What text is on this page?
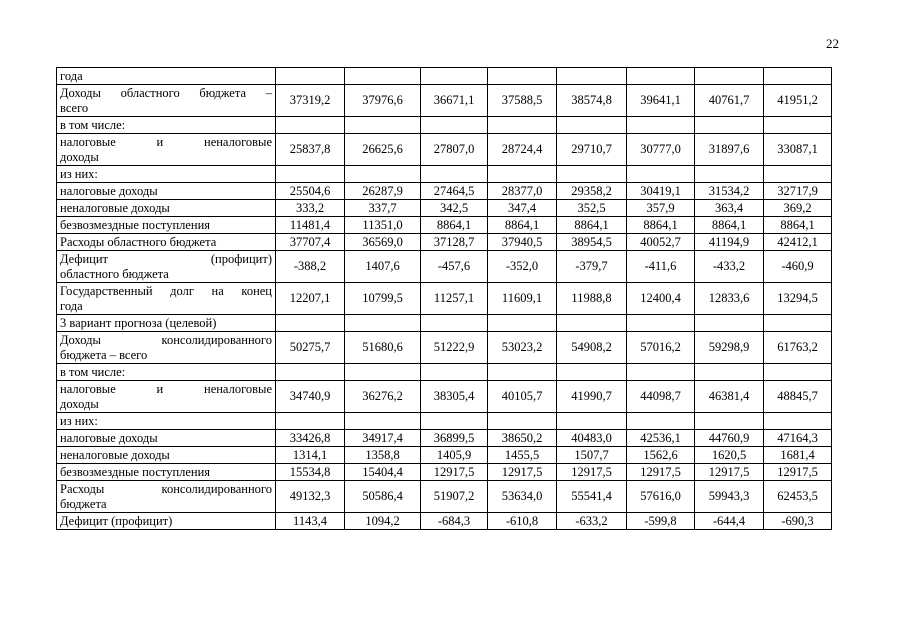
22
года								

Доходы областного бюджета –
всего	37319,2	37976,6	36671,1	37588,5	38574,8	39641,1	40761,7	41951,2

в том числе:								

налоговые и неналоговые
доходы	25837,8	26625,6	27807,0	28724,4	29710,7	30777,0	31897,6	33087,1

из них:								

налоговые доходы	25504,6	26287,9	27464,5	28377,0	29358,2	30419,1	31534,2	32717,9

неналоговые доходы	333,2	337,7	342,5	347,4	352,5	357,9	363,4	369,2

безвозмездные поступления	11481,4	11351,0	8864,1	8864,1	8864,1	8864,1	8864,1	8864,1

Расходы областного бюджета	37707,4	36569,0	37128,7	37940,5	38954,5	40052,7	41194,9	42412,1

Дефицит (профицит)
областного бюджета	-388,2	1407,6	-457,6	-352,0	-379,7	-411,6	-433,2	-460,9

Государственный долг на конец
года	12207,1	10799,5	11257,1	11609,1	11988,8	12400,4	12833,6	13294,5

3 вариант прогноза (целевой)								

Доходы консолидированного
бюджета – всего	50275,7	51680,6	51222,9	53023,2	54908,2	57016,2	59298,9	61763,2

в том числе:								

налоговые и неналоговые
доходы	34740,9	36276,2	38305,4	40105,7	41990,7	44098,7	46381,4	48845,7

из них:								

налоговые доходы	33426,8	34917,4	36899,5	38650,2	40483,0	42536,1	44760,9	47164,3

неналоговые доходы	1314,1	1358,8	1405,9	1455,5	1507,7	1562,6	1620,5	1681,4

безвозмездные поступления	15534,8	15404,4	12917,5	12917,5	12917,5	12917,5	12917,5	12917,5

Расходы консолидированного
бюджета	49132,3	50586,4	51907,2	53634,0	55541,4	57616,0	59943,3	62453,5

Дефицит (профицит)	1143,4	1094,2	-684,3	-610,8	-633,2	-599,8	-644,4	-690,3
